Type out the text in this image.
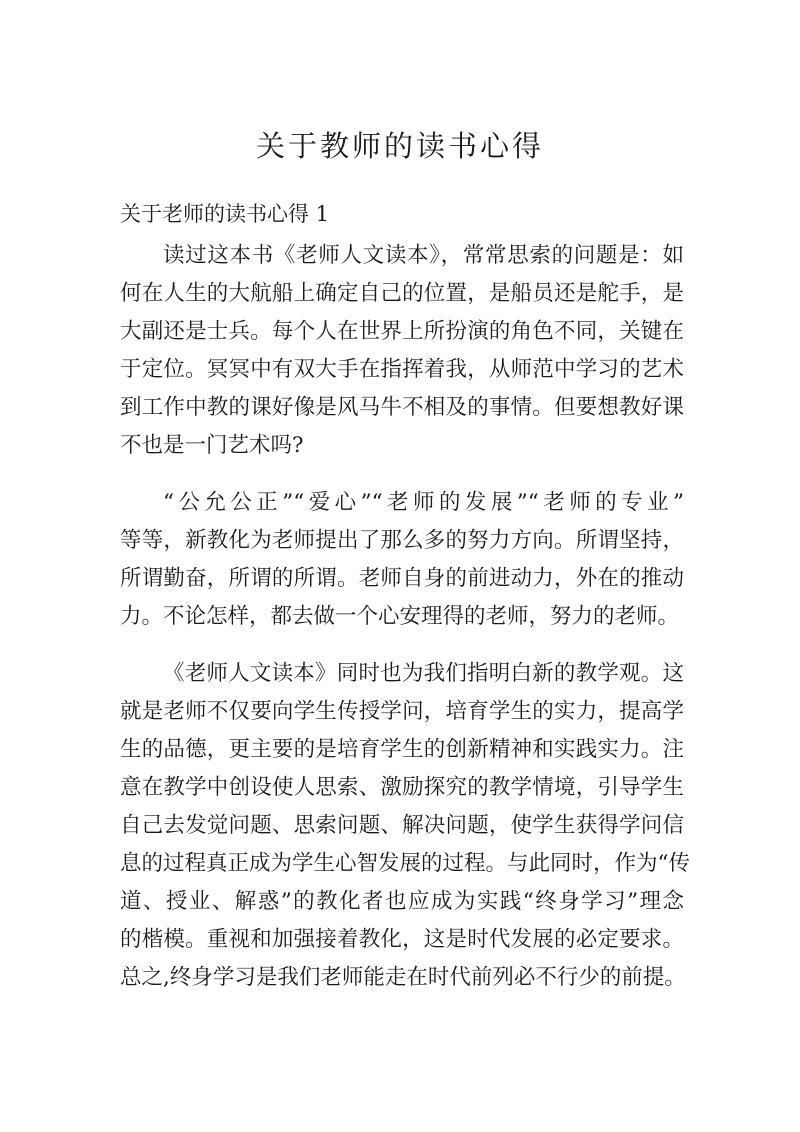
关于教师的读书心得
关于老师的读书心得 1
读过这本书《老师人文读本》，常常思索的问题是：如
何在人生的大航船上确定自己的位置，是船员还是舵手，是
大副还是士兵。每个人在世界上所扮演的角色不同，关键在
于定位。冥冥中有双大手在指挥着我，从师范中学习的艺术
到工作中教的课好像是风马牛不相及的事情。但要想教好课
不也是一门艺术吗?
“公允公正”“爱心”“老师的发展”“老师的专业”
等等，新教化为老师提出了那么多的努力方向。所谓坚持，
所谓勤奋，所谓的所谓。老师自身的前进动力，外在的推动
力。不论怎样，都去做一个心安理得的老师，努力的老师。
《老师人文读本》同时也为我们指明白新的教学观。这
就是老师不仅要向学生传授学问，培育学生的实力，提高学
生的品德，更主要的是培育学生的创新精神和实践实力。注
意在教学中创设使人思索、激励探究的教学情境，引导学生
自己去发觉问题、思索问题、解决问题，使学生获得学问信
息的过程真正成为学生心智发展的过程。与此同时，作为“传
道、授业、解惑”的教化者也应成为实践“终身学习”理念
的楷模。重视和加强接着教化，这是时代发展的必定要求。
总之,终身学习是我们老师能走在时代前列必不行少的前提。
